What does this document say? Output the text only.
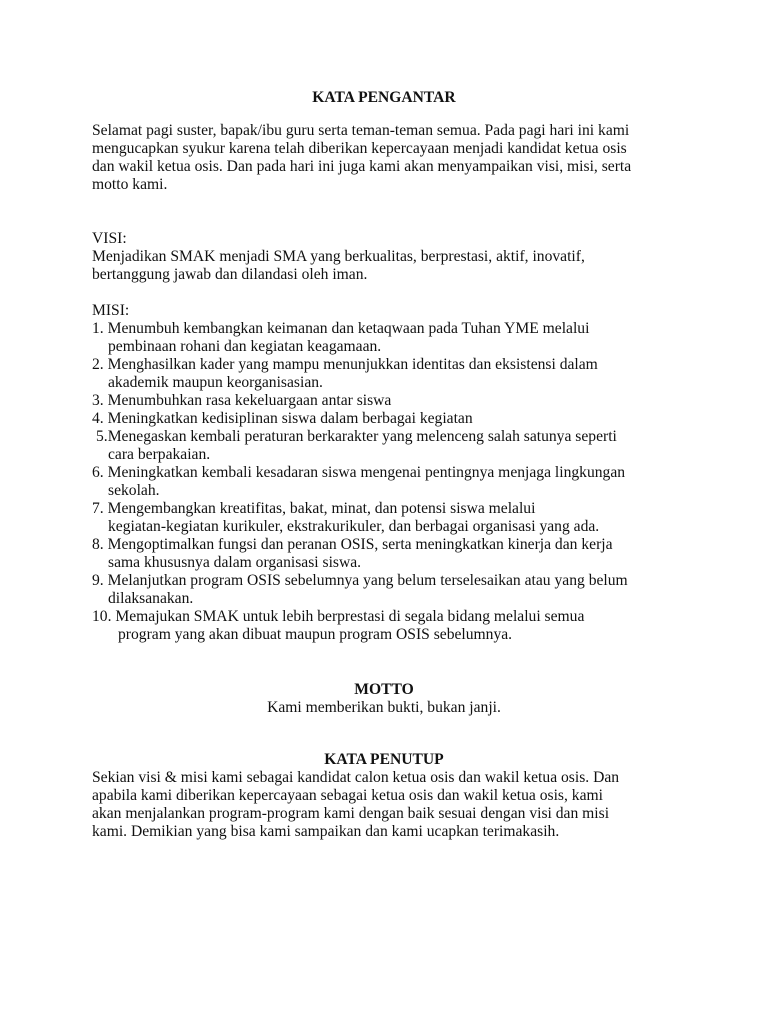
KATA PENGANTAR
Selamat pagi suster, bapak/ibu guru serta teman-teman semua. Pada pagi hari ini kami
mengucapkan syukur karena telah diberikan kepercayaan menjadi kandidat ketua osis
dan wakil ketua osis. Dan pada hari ini juga kami akan menyampaikan visi, misi, serta
motto kami.
VISI:
Menjadikan SMAK menjadi SMA yang berkualitas, berprestasi, aktif, inovatif,
bertanggung jawab dan dilandasi oleh iman.
MISI:
1. Menumbuh kembangkan keimanan dan ketaqwaan pada Tuhan YME melalui
pembinaan rohani dan kegiatan keagamaan.
2. Menghasilkan kader yang mampu menunjukkan identitas dan eksistensi dalam
akademik maupun keorganisasian.
3. Menumbuhkan rasa kekeluargaan antar siswa
4. Meningkatkan kedisiplinan siswa dalam berbagai kegiatan
5.Menegaskan kembali peraturan berkarakter yang melenceng salah satunya seperti
cara berpakaian.
6. Meningkatkan kembali kesadaran siswa mengenai pentingnya menjaga lingkungan
sekolah.
7. Mengembangkan kreatifitas, bakat, minat, dan potensi siswa melalui
kegiatan-kegiatan kurikuler, ekstrakurikuler, dan berbagai organisasi yang ada.
8. Mengoptimalkan fungsi dan peranan OSIS, serta meningkatkan kinerja dan kerja
sama khususnya dalam organisasi siswa.
9. Melanjutkan program OSIS sebelumnya yang belum terselesaikan atau yang belum
dilaksanakan.
10. Memajukan SMAK untuk lebih berprestasi di segala bidang melalui semua
program yang akan dibuat maupun program OSIS sebelumnya.
MOTTO
Kami memberikan bukti, bukan janji.
KATA PENUTUP
Sekian visi & misi kami sebagai kandidat calon ketua osis dan wakil ketua osis. Dan
apabila kami diberikan kepercayaan sebagai ketua osis dan wakil ketua osis, kami
akan menjalankan program-program kami dengan baik sesuai dengan visi dan misi
kami. Demikian yang bisa kami sampaikan dan kami ucapkan terimakasih.
